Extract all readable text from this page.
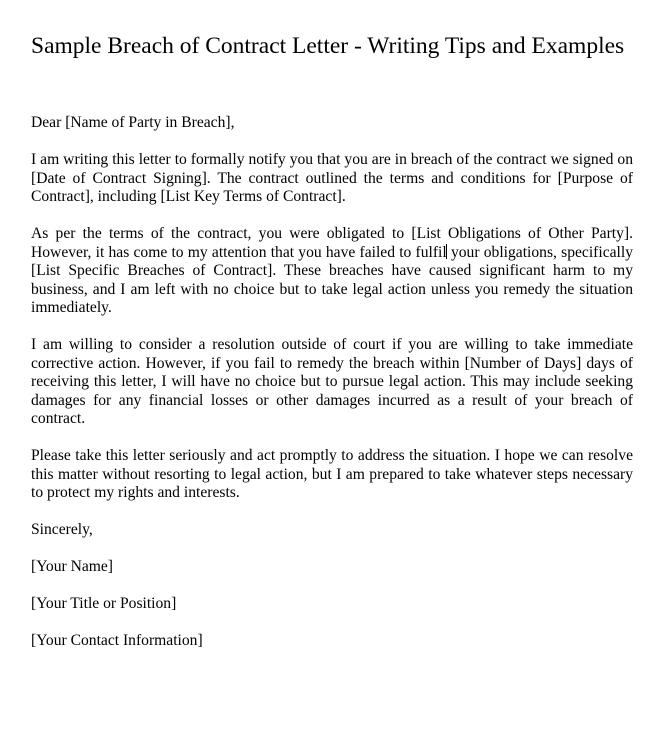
Sample Breach of Contract Letter - Writing Tips and Examples

Dear [Name of Party in Breach],

I am writing this letter to formally notify you that you are in breach of the contract we signed on [Date of Contract Signing]. The contract outlined the terms and conditions for [Purpose of Contract], including [List Key Terms of Contract].

As per the terms of the contract, you were obligated to [List Obligations of Other Party]. However, it has come to my attention that you have failed to fulfil your obligations, specifically [List Specific Breaches of Contract]. These breaches have caused significant harm to my business, and I am left with no choice but to take legal action unless you remedy the situation immediately.

I am willing to consider a resolution outside of court if you are willing to take immediate corrective action. However, if you fail to remedy the breach within [Number of Days] days of receiving this letter, I will have no choice but to pursue legal action. This may include seeking damages for any financial losses or other damages incurred as a result of your breach of contract.

Please take this letter seriously and act promptly to address the situation. I hope we can resolve this matter without resorting to legal action, but I am prepared to take whatever steps necessary to protect my rights and interests.

Sincerely,

[Your Name]

[Your Title or Position]

[Your Contact Information]
